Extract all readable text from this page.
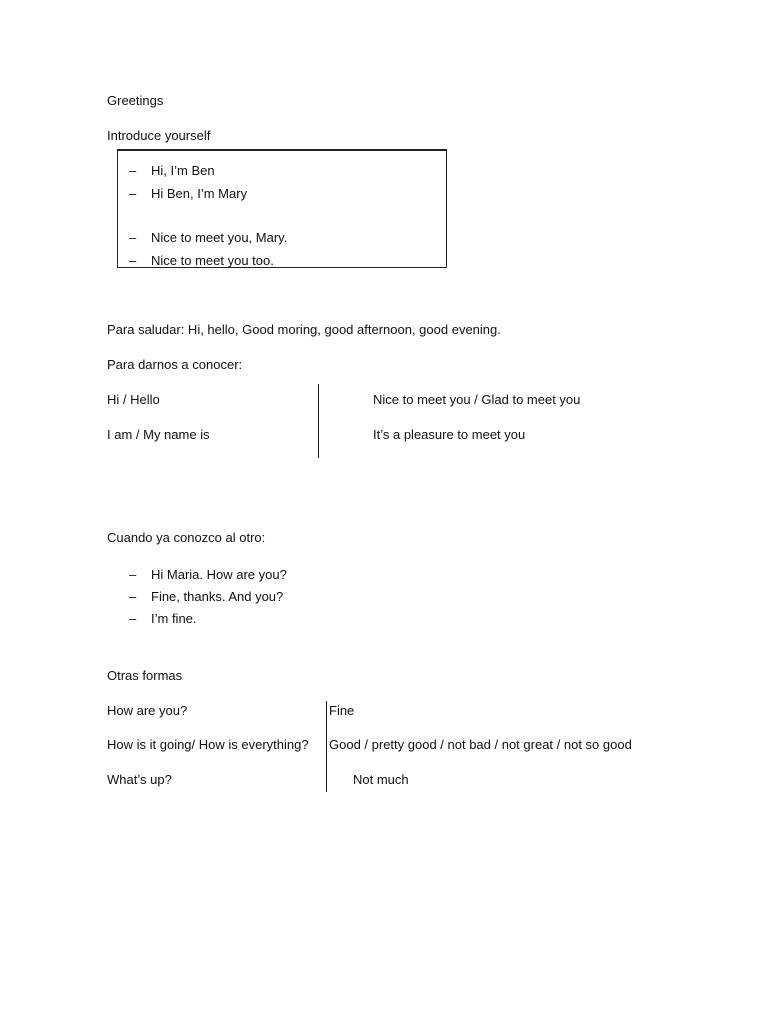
Greetings
Introduce yourself
– Hi, I’m Ben
– Hi Ben, I’m Mary
– Nice to meet you, Mary.
– Nice to meet you too.
Para saludar: Hi, hello, Good moring, good afternoon, good evening.
Para darnos a conocer:
Hi / Hello
I am / My name is
Nice to meet you / Glad to meet you
It’s a pleasure to meet you
Cuando ya conozco al otro:
– Hi Maria. How are you?
– Fine, thanks. And you?
– I’m fine.
Otras formas
How are you?
How is it going/ How is everything?
What’s up?
Fine
Good / pretty good / not bad / not great / not so good
Not much
